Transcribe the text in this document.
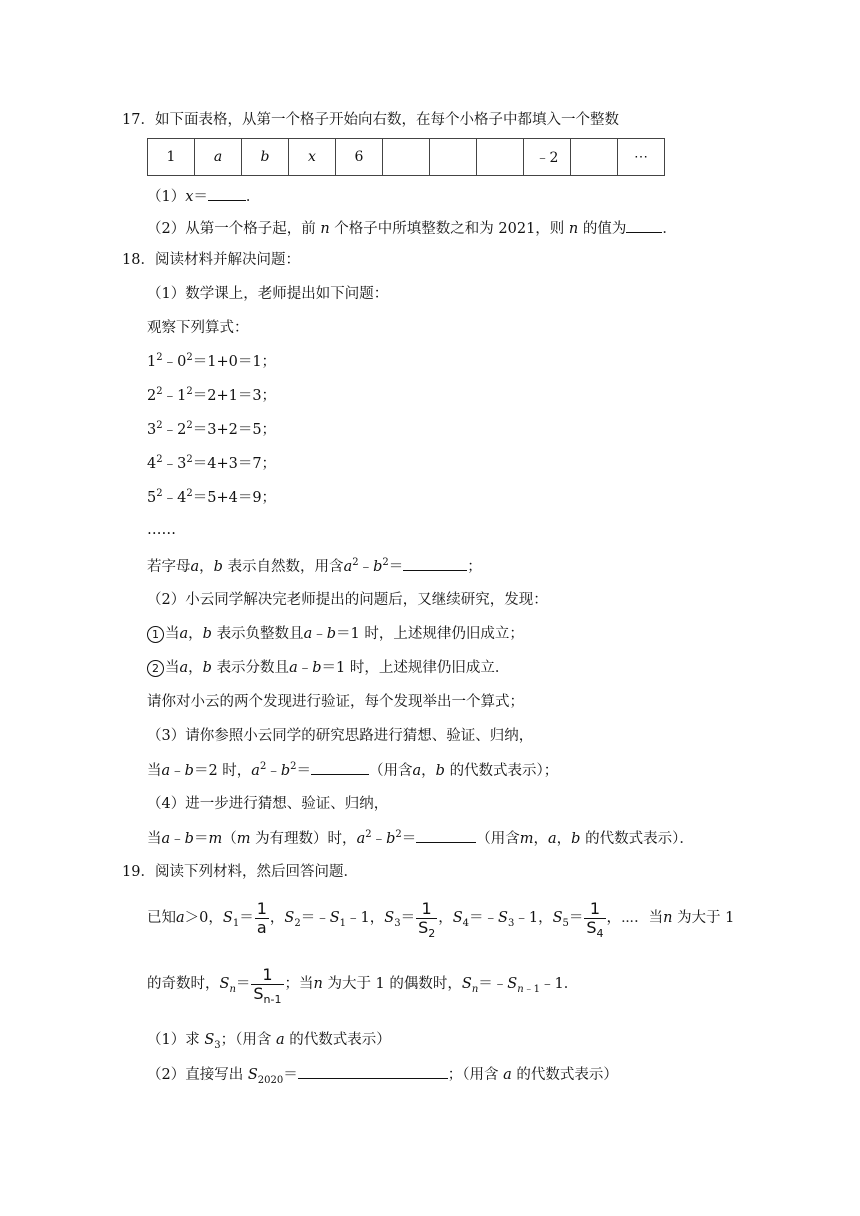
17．如下面表格，从第一个格子开始向右数，在每个小格子中都填入一个整数
1	a	b	x	6				﹣2		⋯
（1）x＝	．
（2）从第一个格子起，前 n 个格子中所填整数之和为 2021，则 n 的值为 ．
18．阅读材料并解决问题：
（1）数学课上，老师提出如下问题：
观察下列算式：
$1^2﹣0^2=1+0=1$；
$2^2﹣1^2=2+1=3$；
$3^2﹣2^2=3+2=5$；
$4^2﹣3^2=4+3=7$；
$5^2﹣4^2=5+4=9$；
……
若字母a，b 表示自然数，用含$a^2﹣b^2=$	；
（2）小云同学解决完老师提出的问题后，又继续研究，发现：
1 当a，b 表示负整数且a﹣b＝1 时，上述规律仍旧成立；
2 当a，b 表示分数且a﹣b＝1 时，上述规律仍旧成立．
请你对小云的两个发现进行验证，每个发现举出一个算式；
（3）请你参照小云同学的研究思路进行猜想、验证、归纳，
当a﹣b＝2 时，$a^2﹣b^2=$	（用含a，b 的代数式表示）；
（4）进一步进行猜想、验证、归纳，
当a﹣b＝m（m 为有理数）时，$a^2﹣b^2=$	（用含m，a，b 的代数式表示）．
19．阅读下列材料，然后回答问题．
已知a＞0，$S_1= \frac{1}{a}$ ，$S_2=﹣S_1﹣1$，$S_3= \frac{1}{S_2}$ ，$S_4=﹣S_3﹣1$，$S_5= \frac{1}{S_4}$ ，⋯．当n 为大于 1
的奇数时，$S_n= \frac{1}{S_{n-1}}$ ；当n 为大于 1 的偶数时，$S_n=﹣S_{n﹣1}﹣1$．
（1）求 $S_3$；（用含 a 的代数式表示）
（2）直接写出 $S_{2020}=$	；（用含 a 的代数式表示）
